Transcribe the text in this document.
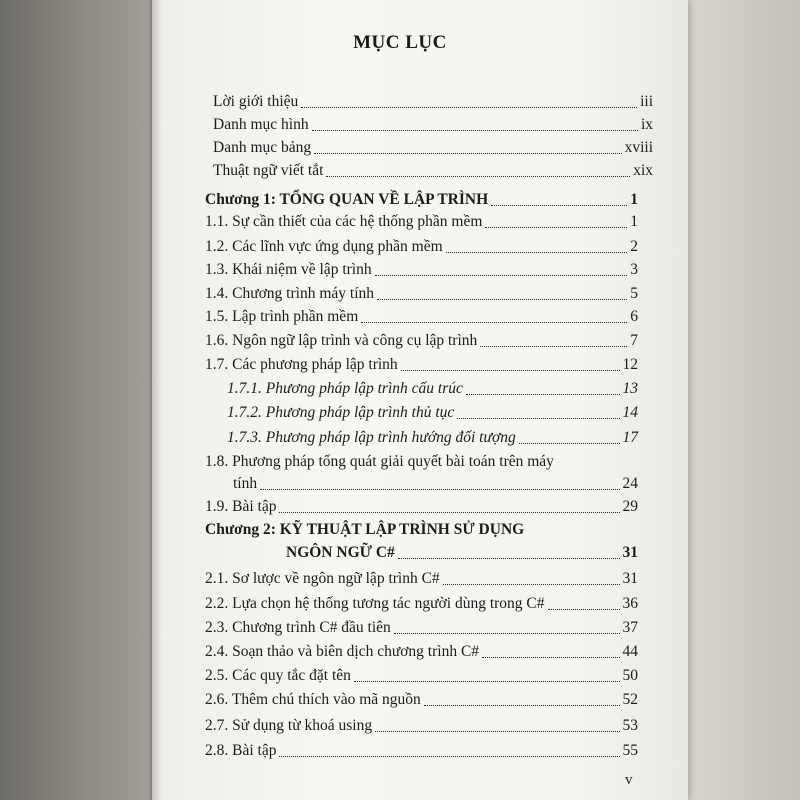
MỤC LỤC
Lời giới thiệu	iii
Danh mục hình	ix
Danh mục bảng	xviii
Thuật ngữ viết tắt	xix
Chương 1: TỔNG QUAN VỀ LẬP TRÌNH	1
1.1. Sự cần thiết của các hệ thống phần mềm	1
1.2. Các lĩnh vực ứng dụng phần mềm	2
1.3. Khái niệm về lập trình	3
1.4. Chương trình máy tính	5
1.5. Lập trình phần mềm	6
1.6. Ngôn ngữ lập trình và công cụ lập trình	7
1.7. Các phương pháp lập trình	12
1.7.1. Phương pháp lập trình cấu trúc	13
1.7.2. Phương pháp lập trình thủ tục	14
1.7.3. Phương pháp lập trình hướng đối tượng	17
1.8. Phương pháp tổng quát giải quyết bài toán trên máy
tính	24
1.9. Bài tập	29
Chương 2: KỸ THUẬT LẬP TRÌNH SỬ DỤNG
NGÔN NGỮ C#	31
2.1. Sơ lược về ngôn ngữ lập trình C#	31
2.2. Lựa chọn hệ thống tương tác người dùng trong C#	36
2.3. Chương trình C# đầu tiên	37
2.4. Soạn thảo và biên dịch chương trình C#	44
2.5. Các quy tắc đặt tên	50
2.6. Thêm chú thích vào mã nguồn	52
2.7. Sử dụng từ khoá using	53
2.8. Bài tập	55
v
